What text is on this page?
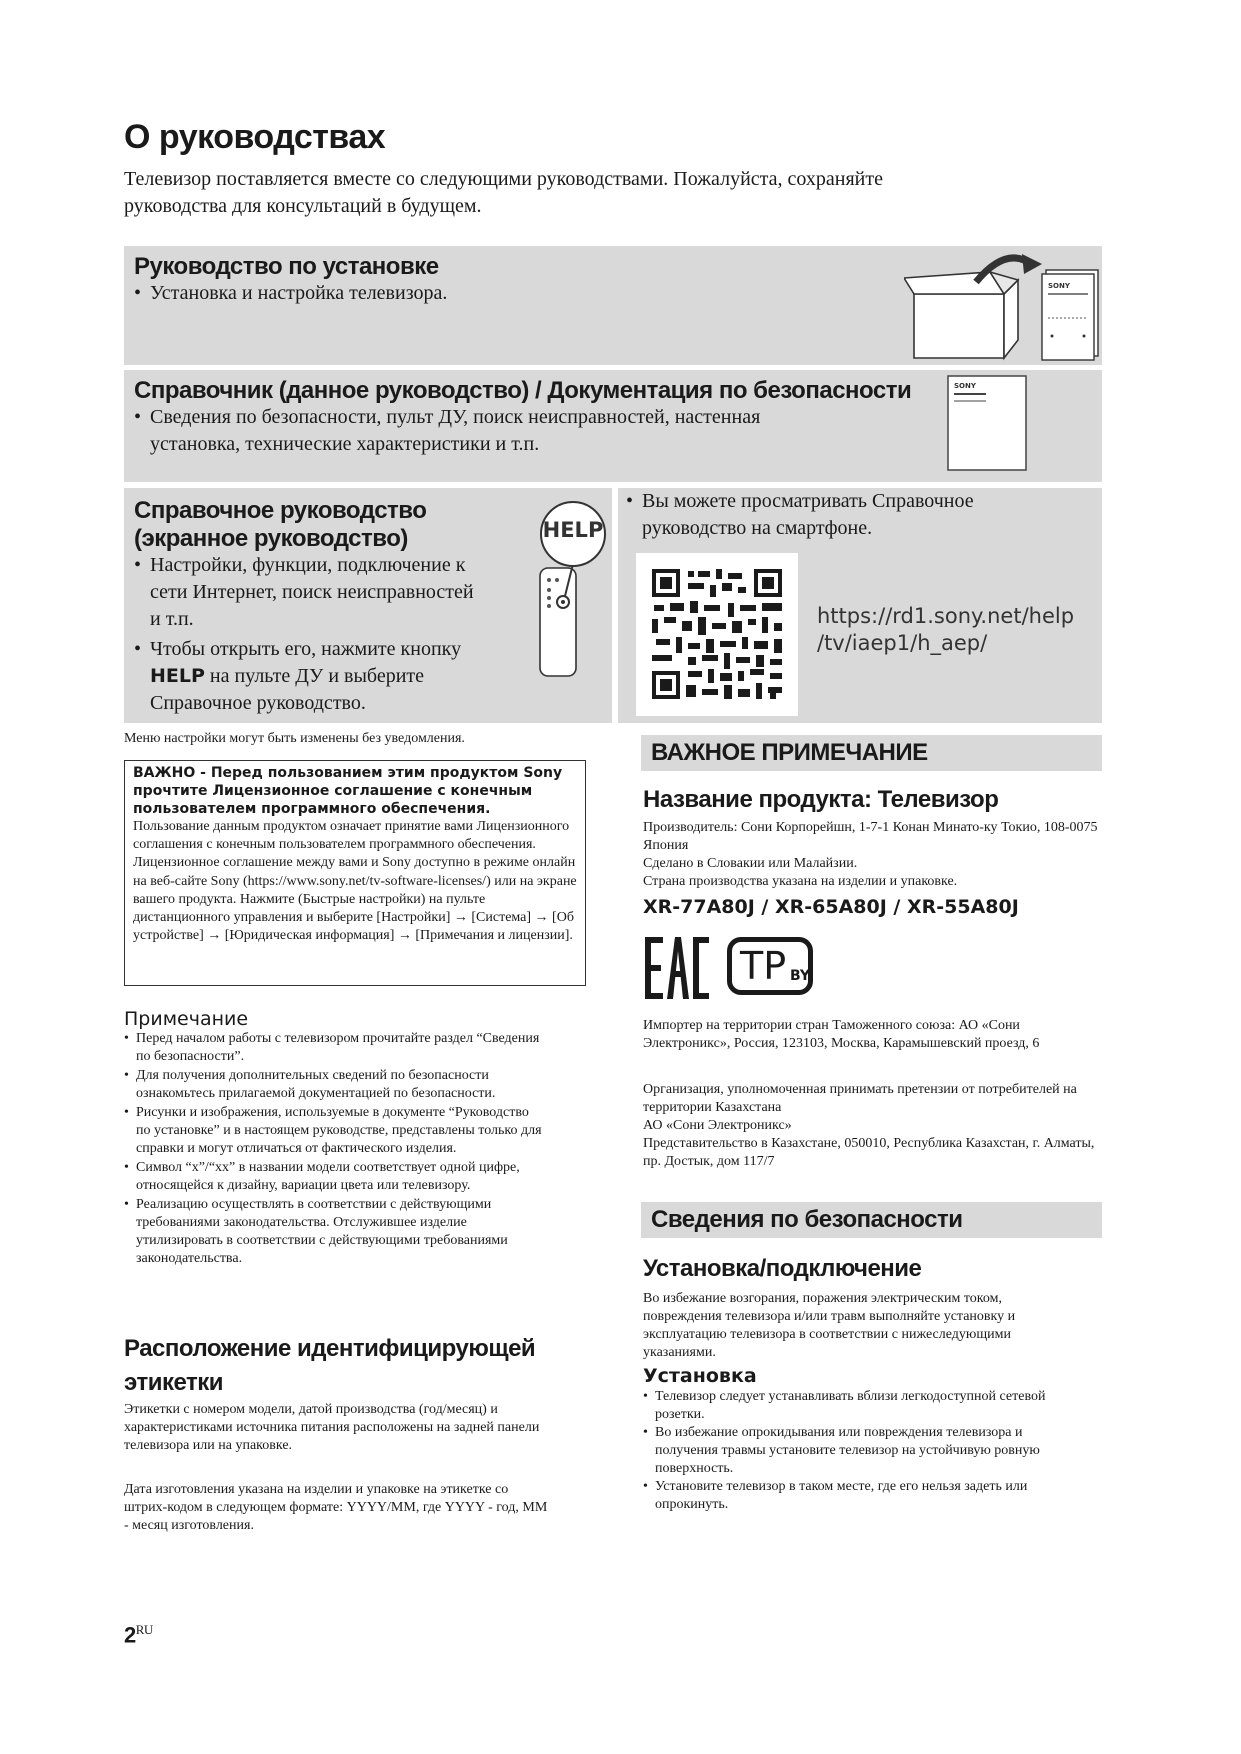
О руководствах
Телевизор поставляется вместе со следующими руководствами. Пожалуйста, сохраняйте руководства для консультаций в будущем.
Руководство по установке
• Установка и настройка телевизора.	SONY
Справочник (данное руководство) / Документация по безопасности
• Сведения по безопасности, пульт ДУ, поиск неисправностей, настенная установка, технические характеристики и т.п.
SONY
Справочное руководство
(экранное руководство)
• Настройки, функции, подключение к сети Интернет, поиск неисправностей и т.п.
• Чтобы открыть его, нажмите кнопку HELP на пульте ДУ и выберите Справочное руководство.
HELP
• Вы можете просматривать Справочное руководство на смартфоне.
https://rd1.sony.net/help
/tv/iaep1/h_aep/
Меню настройки могут быть изменены без уведомления.
ВАЖНО - Перед пользованием этим продуктом Sony прочтите Лицензионное соглашение с конечным пользователем программного обеспечения.
Пользование данным продуктом означает принятие вами Лицензионного соглашения с конечным пользователем программного обеспечения. Лицензионное соглашение между вами и Sony доступно в режиме онлайн на веб-сайте Sony (https://www.sony.net/tv-software-licenses/) или на экране вашего продукта. Нажмите (Быстрые настройки) на пульте дистанционного управления и выберите [Настройки] → [Система] → [Об устройстве] → [Юридическая информация] → [Примечания и лицензии].
Примечание
• Перед началом работы с телевизором прочитайте раздел “Сведения по безопасности”.
• Для получения дополнительных сведений по безопасности ознакомьтесь прилагаемой документацией по безопасности.
• Рисунки и изображения, используемые в документе “Руководство по установке” и в настоящем руководстве, представлены только для справки и могут отличаться от фактического изделия.
• Символ “x”/“xx” в названии модели соответствует одной цифре, относящейся к дизайну, вариации цвета или телевизору.
• Реализацию осуществлять в соответствии с действующими требованиями законодательства. Отслужившее изделие утилизировать в соответствии с действующими требованиями законодательства.
Расположение идентифицирующей этикетки
Этикетки с номером модели, датой производства (год/месяц) и характеристиками источника питания расположены на задней панели телевизора или на упаковке.
Дата изготовления указана на изделии и упаковке на этикетке со штрих-кодом в следующем формате: YYYY/MM, где YYYY - год, MM - месяц изготовления.
ВАЖНОЕ ПРИМЕЧАНИЕ
Название продукта: Телевизор
Производитель: Сони Корпорейшн, 1-7-1 Конан Минато-ку Токио, 108-0075 Япония
Сделано в Словакии или Малайзии.
Страна производства указана на изделии и упаковке.
XR-77A80J / XR-65A80J / XR-55A80J
TP BY
Импортер на территории стран Таможенного союза: АО «Сони Электроникс», Россия, 123103, Москва, Карамышевский проезд, 6
Организация, уполномоченная принимать претензии от потребителей на территории Казахстана
АО «Сони Электроникс»
Представительство в Казахстане, 050010, Республика Казахстан, г. Алматы, пр. Достык, дом 117/7
Сведения по безопасности
Установка/подключение
Во избежание возгорания, поражения электрическим током, повреждения телевизора и/или травм выполняйте установку и эксплуатацию телевизора в соответствии с нижеследующими указаниями.
Установка
• Телевизор следует устанавливать вблизи легкодоступной сетевой розетки.
• Во избежание опрокидывания или повреждения телевизора и получения травмы установите телевизор на устойчивую ровную поверхность.
• Установите телевизор в таком месте, где его нельзя задеть или опрокинуть.
$2^{RU}$
